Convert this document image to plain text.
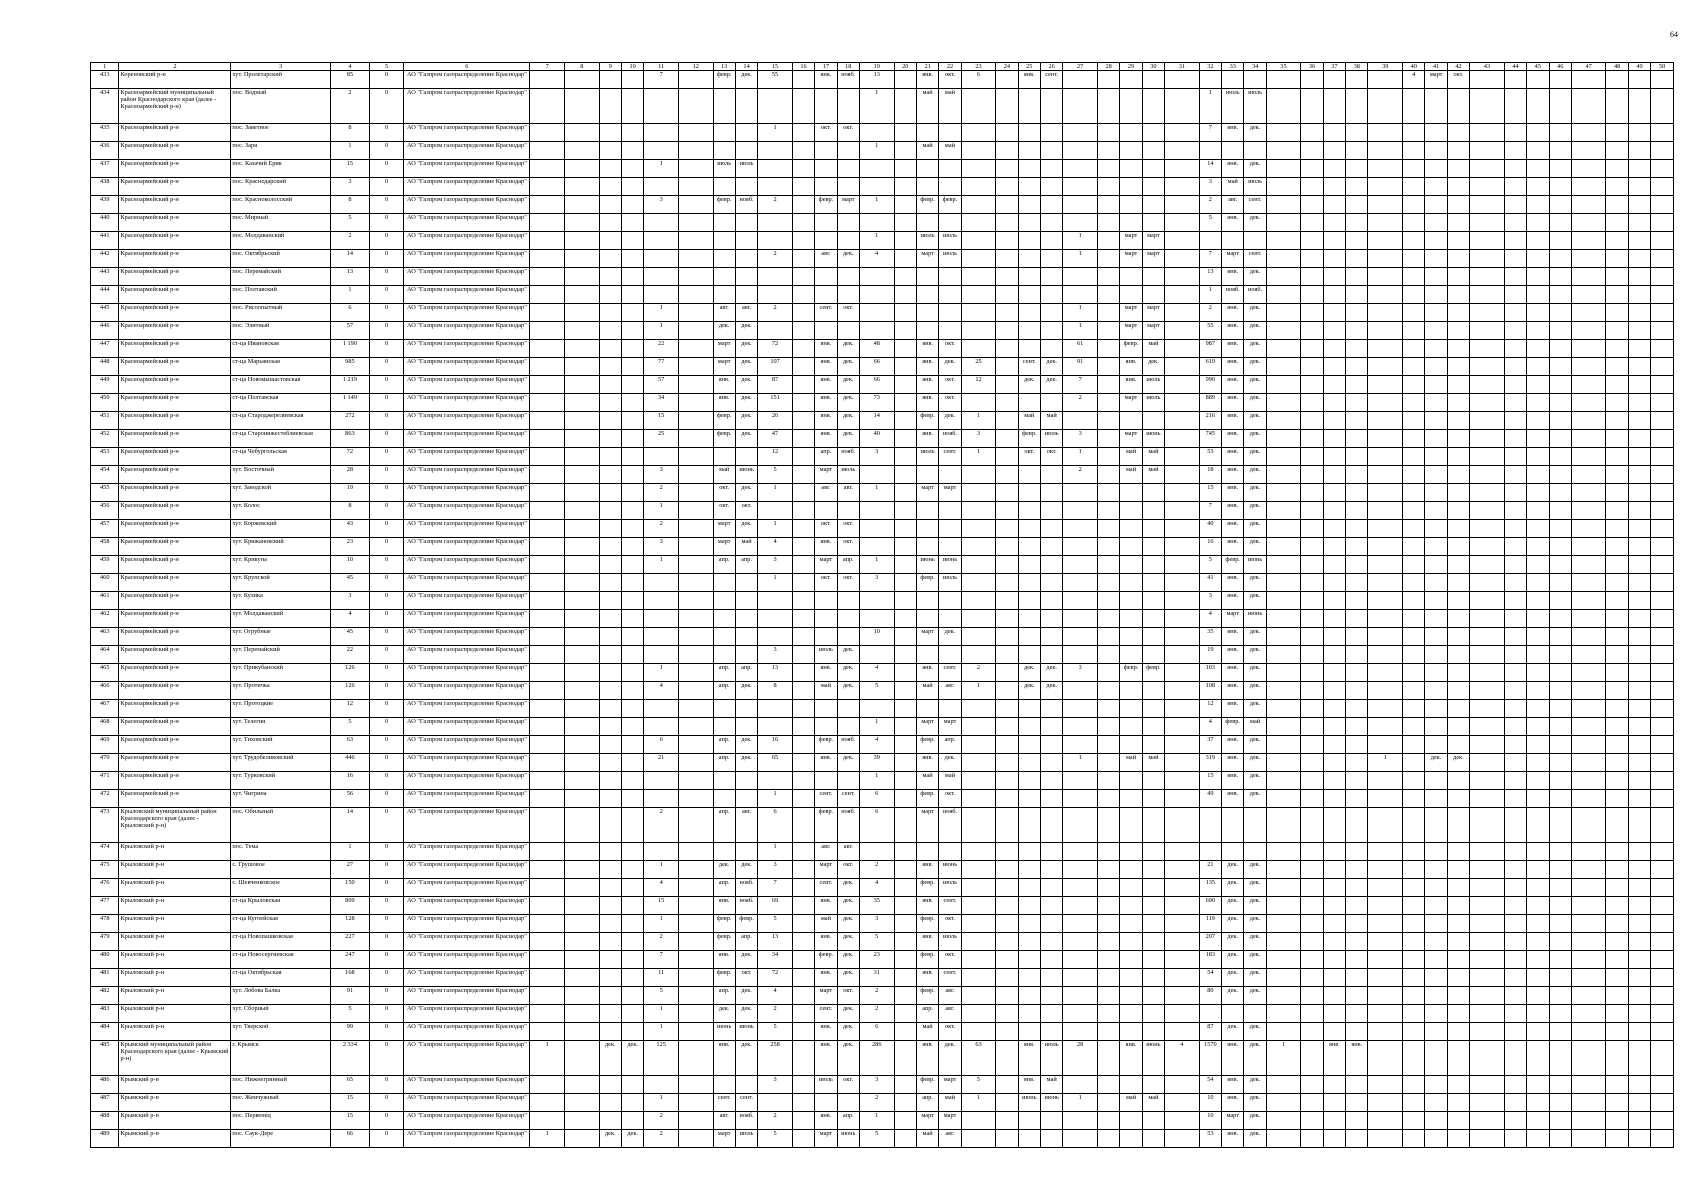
64
1	2	3	4	5	6	7	8	9	10	11	12	13	14	15	16	17	18	19	20	21	22	23	24	25	26	27	28	29	30	31	32	33	34	35	36	37	38	39	40	41	42	43	44	45	46	47	48	49	50
433	Кореновский р-н	хут. Пролетарский	85	0	АО "Газпром газораспределение Краснодар"					7		февр.	дек.	55		янв.	нояб.	13		янв.	окт.	6		янв.	сент.														4	март	окт.								
434	Красноармейский муниципальный район Краснодарского края (далее - Красноармейский р-н)	пос. Водный	2	0	АО "Газпром газораспределение Краснодар"													1		май	май										1	июль	июль																
435	Красноармейский р-н	пос. Заветное	8	0	АО "Газпром газораспределение Краснодар"									1		окт.	окт.														7	янв.	дек.																
436	Красноармейский р-н	пос. Заря	1	0	АО "Газпром газораспределение Краснодар"													1		май	май																												
437	Красноармейский р-н	пос. Казачий Ерик	15	0	АО "Газпром газораспределение Краснодар"					1		июль	июль																		14	янв.	дек.																
438	Красноармейский р-н	пос. Краснодарский	3	0	АО "Газпром газораспределение Краснодар"																										3	май	июль																
439	Красноармейский р-н	пос. Красноколосский	8	0	АО "Газпром газораспределение Краснодар"					3		февр.	нояб.	2		февр.	март	1		февр.	февр.										2	авг.	сент.																
440	Красноармейский р-н	пос. Мирный	5	0	АО "Газпром газораспределение Краснодар"																										5	янв.	дек.																
441	Красноармейский р-н	пос. Молдаванский	2	0	АО "Газпром газораспределение Краснодар"													1		июль	июль					1		март	март																				
442	Красноармейский р-н	пос. Октябрьский	14	0	АО "Газпром газораспределение Краснодар"									2		авг.	дек.	4		март	июль					1		март	март		7	март	сент.																
443	Красноармейский р-н	пос. Перемайский	13	0	АО "Газпром газораспределение Краснодар"																										13	янв.	дек.																
444	Красноармейский р-н	пос. Полтавский	1	0	АО "Газпром газораспределение Краснодар"																										1	нояб.	нояб.																
445	Красноармейский р-н	пос. Рисоопытный	6	0	АО "Газпром газораспределение Краснодар"					1		авг.	авг.	2		сент.	окт.									1		март	март		2	янв.	дек.																
446	Красноармейский р-н	пос. Элитный	57	0	АО "Газпром газораспределение Краснодар"					1		дек.	дек.													1		март	март		55	янв.	дек.																
447	Красноармейский р-н	ст-ца Ивановская	1 190	0	АО "Газпром газораспределение Краснодар"					22		март	дек.	72		янв.	дек.	48		янв.	окт.					61		февр.	май		987	янв.	дек.																
448	Красноармейский р-н	ст-ца Марьянская	985	0	АО "Газпром газораспределение Краснодар"					77		март	дек.	107		янв.	дек.	66		янв.	дек.	25		сент.	дек.	91		янв.	дек.		619	янв.	дек.																
449	Красноармейский р-н	ст-ца Новомышастовская	1 219	0	АО "Газпром газораспределение Краснодар"					57		янв.	дек.	87		янв.	дек.	66		янв.	окт.	12		дек.	дек.	7		янв.	июль		990	янв.	дек.																
450	Красноармейский р-н	ст-ца Полтавская	1 149	0	АО "Газпром газораспределение Краснодар"					34		янв.	дек.	151		янв.	дек.	73		янв.	окт.					2		март	июль		889	янв.	дек.																
451	Красноармейский р-н	ст-ца Староджерелиевская	272	0	АО "Газпром газораспределение Краснодар"					15		февр.	дек.	26		янв.	дек.	14		февр.	дек.	1		май	май						216	янв.	дек.																
452	Красноармейский р-н	ст-ца Старонижестеблиевская	863	0	АО "Газпром газораспределение Краснодар"					25		февр.	дек.	47		янв.	дек.	40		янв.	нояб.	3		февр.	июль	3		март	июнь		745	янв.	дек.																
453	Красноармейский р-н	ст-ца Чебургольская	72	0	АО "Газпром газораспределение Краснодар"									12		апр.	нояб.	3		июль	сент.	1		окт.	окт.	1		май	май		53	янв.	дек.																
454	Красноармейский р-н	хут. Восточный	28	0	АО "Газпром газораспределение Краснодар"					3		май	июнь	5		март	июль									2		май	май		18	янв.	дек.																
455	Красноармейский р-н	хут. Заводской	19	0	АО "Газпром газораспределение Краснодар"					2		окт.	дек.	1		авг.	авг.	1		март	март										15	янв.	дек.																
456	Красноармейский р-н	хут. Колос	8	0	АО "Газпром газораспределение Краснодар"					1		окт.	окт.																		7	янв.	дек.																
457	Красноармейский р-н	хут. Коржевский	43	0	АО "Газпром газораспределение Краснодар"					2		март	дек.	1		окт.	окт.														40	янв.	дек.																
458	Красноармейский р-н	хут. Крижановский	23	0	АО "Газпром газораспределение Краснодар"					3		март	май	4		янв.	окт.														16	янв.	дек.																
459	Красноармейский р-н	хут. Крикуна	10	0	АО "Газпром газораспределение Краснодар"					1		апр.	апр.	3		март	апр.	1		июнь	июнь										5	февр.	июнь																
460	Красноармейский р-н	хут. Крупской	45	0	АО "Газпром газораспределение Краснодар"									1		окт.	окт.	3		февр.	июль										41	янв.	дек.																
461	Красноармейский р-н	хут. Кулика	3	0	АО "Газпром газораспределение Краснодар"																										3	янв.	дек.																
462	Красноармейский р-н	хут. Молдаванский	4	0	АО "Газпром газораспределение Краснодар"																										4	март	июнь																
463	Красноармейский р-н	хут. Огрубные	45	0	АО "Газпром газораспределение Краснодар"													10		март	дек.										35	янв.	дек.																
464	Красноармейский р-н	хут. Перемайский	22	0	АО "Газпром газораспределение Краснодар"									3		июль	дек.														19	янв.	дек.																
465	Красноармейский р-н	хут. Прикубанский	126	0	АО "Газпром газораспределение Краснодар"					1		апр.	апр.	13		янв.	дек.	4		янв.	сент.	2		дек.	дек.	3		февр.	февр.		103	янв.	дек.																
466	Красноармейский р-н	хут. Протичка	126	0	АО "Газпром газораспределение Краснодар"					4		апр.	дек.	8		май	дек.	5		май	авг.	1		дек.	дек.						108	янв.	дек.																
467	Красноармейский р-н	хут. Протоцкие	12	0	АО "Газпром газораспределение Краснодар"																										12	янв.	дек.																
468	Красноармейский р-н	хут. Телегин	5	0	АО "Газпром газораспределение Краснодар"													1		март	март										4	февр.	май																
469	Красноармейский р-н	хут. Тиховский	63	0	АО "Газпром газораспределение Краснодар"					6		апр.	дек.	16		февр.	нояб.	4		февр.	апр.										37	янв.	дек.																
470	Красноармейский р-н	хут. Трудобеликовский	446	0	АО "Газпром газораспределение Краснодар"					21		апр.	дек.	65		янв.	дек.	39		янв.	дек.					1		май	май		319	янв.	дек.					1		дек.	дек.								
471	Красноармейский р-н	хут. Турковский	16	0	АО "Газпром газораспределение Краснодар"													1		май	май										15	янв.	дек.																
472	Красноармейский р-н	хут. Чигрина	56	0	АО "Газпром газораспределение Краснодар"									1		сент.	сент.	6		февр.	окт.										49	янв.	дек.																
473	Крыловский муниципальный район Краснодарского края (далее - Крыловский р-н)	пос. Обильный	14	0	АО "Газпром газораспределение Краснодар"					2		апр.	авг.	6		февр.	нояб.	6		март	нояб.																												
474	Крыловский р-н	пос. Тема	1	0	АО "Газпром газораспределение Краснодар"									1		авг.	авг.																																
475	Крыловский р-н	с. Грушовое	27	0	АО "Газпром газораспределение Краснодар"					1		дек.	дек.	3		март	окт.	2		янв.	июнь										21	дек.	дек.																
476	Крыловский р-н	с. Шевченковское	150	0	АО "Газпром газораспределение Краснодар"					4		апр.	нояб.	7		сент.	дек.	4		февр.	июль										135	дек.	дек.																
477	Крыловский р-н	ст-ца Крыловская	809	0	АО "Газпром газораспределение Краснодар"					15		янв.	нояб.	69		янв.	дек.	35		янв.	сент.										690	дек.	дек.																
478	Крыловский р-н	ст-ца Кугоейская	128	0	АО "Газпром газораспределение Краснодар"					1		февр.	февр.	5		май	дек.	3		февр.	окт.										119	дек.	дек.																
479	Крыловский р-н	ст-ца Новопашковская	227	0	АО "Газпром газораспределение Краснодар"					2		февр.	апр.	13		янв.	дек.	5		янв.	июль										207	дек.	дек.																
480	Крыловский р-н	ст-ца Новосергиевская	247	0	АО "Газпром газораспределение Краснодар"					7		янв.	дек.	34		февр.	дек.	23		февр.	окт.										183	дек.	дек.																
481	Крыловский р-н	ст-ца Октябрьская	168	0	АО "Газпром газораспределение Краснодар"					11		февр.	окт.	72		янв.	дек.	31		янв.	сент.										54	дек.	дек.																
482	Крыловский р-н	хут. Лобова Балка	91	0	АО "Газпром газораспределение Краснодар"					5		апр.	дек.	4		март	окт.	2		февр.	авг.										80	дек.	дек.																
483	Крыловский р-н	хут. Сборный	5	0	АО "Газпром газораспределение Краснодар"					1		дек.	дек.	2		сент.	дек.	2		апр.	авг.																												
484	Крыловский р-н	хут. Тверской	99	0	АО "Газпром газораспределение Краснодар"					1		июнь	июнь	5		янв.	дек.	6		май	окт.										87	дек.	дек.																
485	Крымский муниципальный район Краснодарского края (далее - Крымский р-н)	г. Крымск	2 334	0	АО "Газпром газораспределение Краснодар"	1		дек.	дек.	125		янв.	дек.	258		янв.	дек.	286		янв.	дек.	63		янв.	июль	28		янв.	июнь	4	1570	янв.	дек.	1		янв.	янв.												
486	Крымский р-н	пос. Нижнегринный	65	0	АО "Газпром газораспределение Краснодар"									3		июль	окт.	3		февр.	март	5		янв.	май						54	янв.	дек.																
487	Крымский р-н	пос. Жемчужный	15	0	АО "Газпром газораспределение Краснодар"					1		сент.	сент.					2		апр.	май	1		июнь	июнь	1		май	май		10	янв.	дек.																
488	Крымский р-н	пос. Первенец	15	0	АО "Газпром газораспределение Краснодар"					2		авг.	нояб.	2		янв.	апр.	1		март	март										10	март	дек.																
489	Крымский р-н	пос. Саук-Дере	66	0	АО "Газпром газораспределение Краснодар"	1		дек.	дек.	2		март	июль	5		март	июнь	5		май	авг.										53	янв.	дек.																
